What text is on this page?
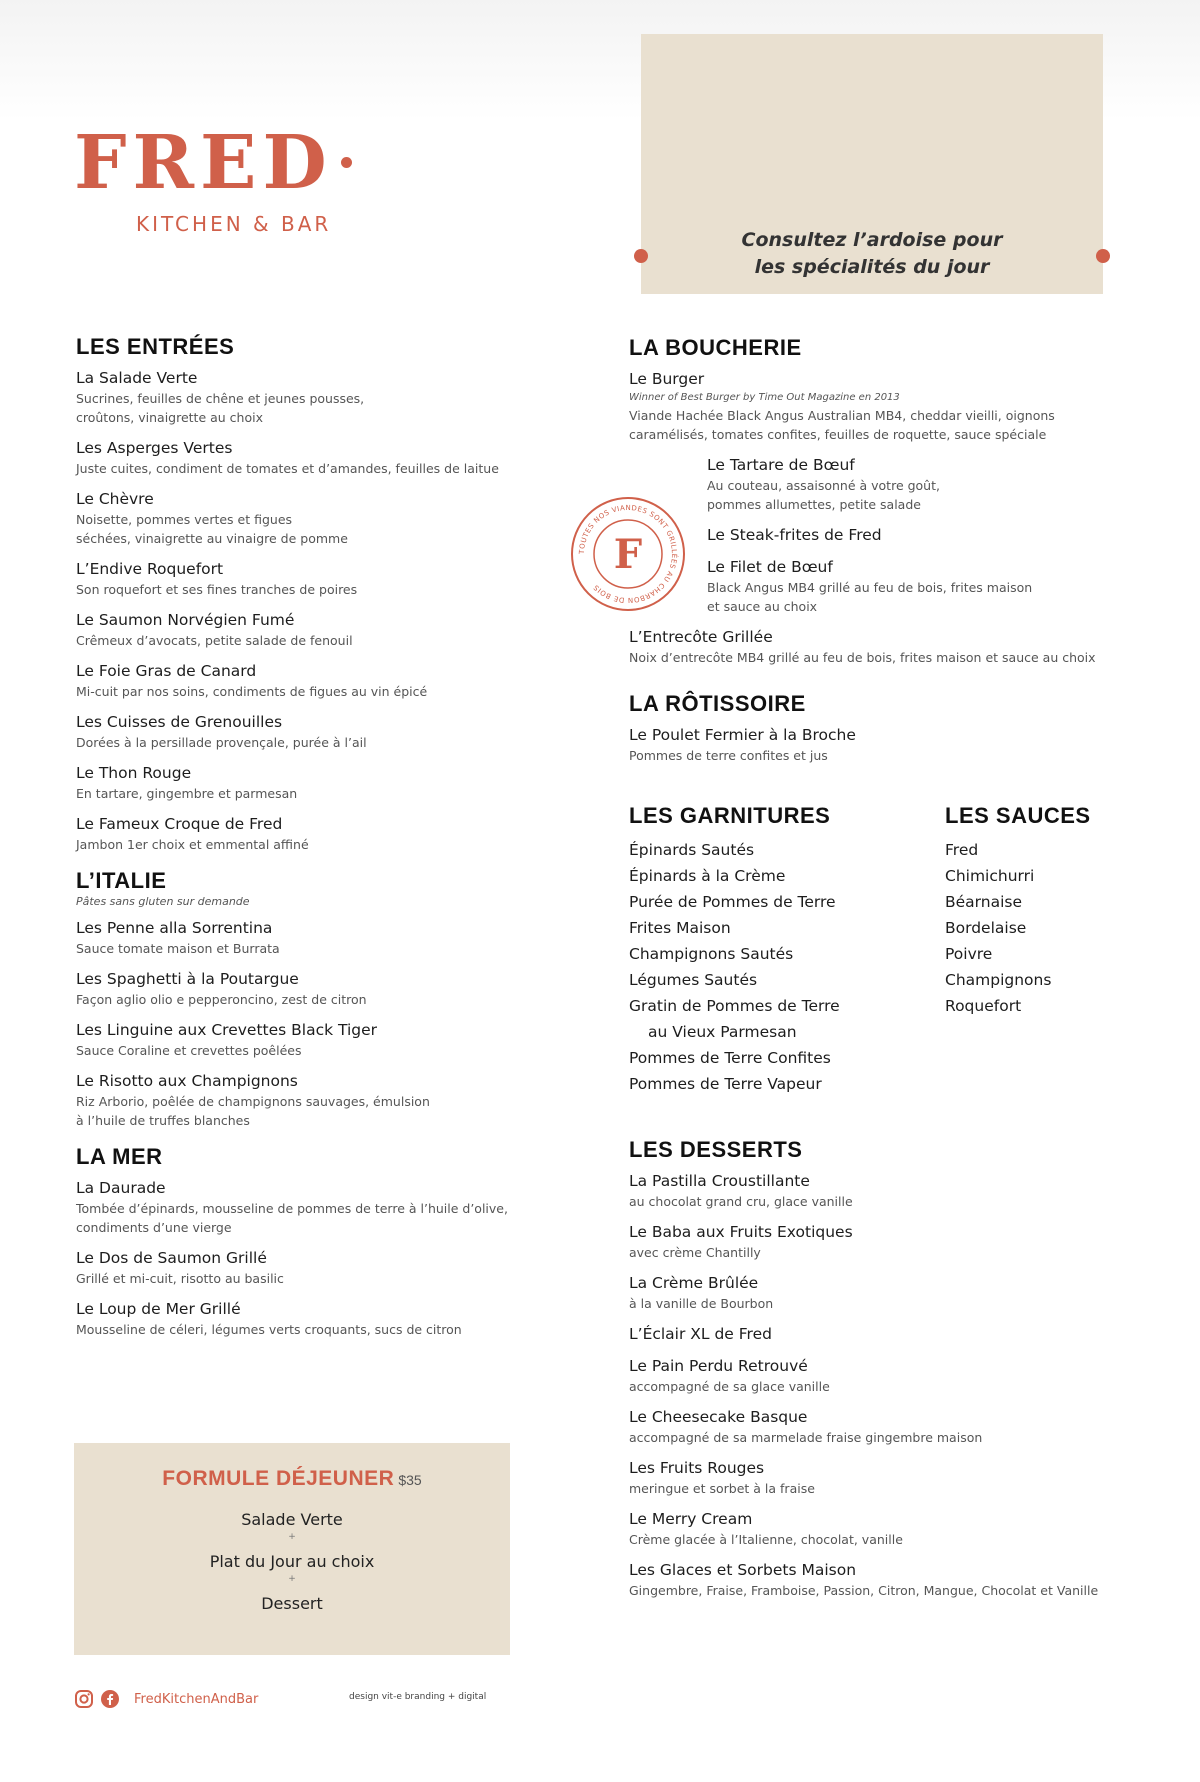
FRED
KITCHEN & BAR
Consultez l’ardoise pour
les spécialités du jour
LES ENTRÉES
La Salade Verte
Sucrines, feuilles de chêne et jeunes pousses,
croûtons, vinaigrette au choix
Les Asperges Vertes
Juste cuites, condiment de tomates et d’amandes, feuilles de laitue
Le Chèvre
Noisette, pommes vertes et figues
séchées, vinaigrette au vinaigre de pomme
L’Endive Roquefort
Son roquefort et ses fines tranches de poires
Le Saumon Norvégien Fumé
Crêmeux d’avocats, petite salade de fenouil
Le Foie Gras de Canard
Mi-cuit par nos soins, condiments de figues au vin épicé
Les Cuisses de Grenouilles
Dorées à la persillade provençale, purée à l’ail
Le Thon Rouge
En tartare, gingembre et parmesan
Le Fameux Croque de Fred
Jambon 1er choix et emmental affiné
L’ITALIE
Pâtes sans gluten sur demande
Les Penne alla Sorrentina
Sauce tomate maison et Burrata
Les Spaghetti à la Poutargue
Façon aglio olio e pepperoncino, zest de citron
Les Linguine aux Crevettes Black Tiger
Sauce Coraline et crevettes poêlées
Le Risotto aux Champignons
Riz Arborio, poêlée de champignons sauvages, émulsion
à l’huile de truffes blanches
LA MER
La Daurade
Tombée d’épinards, mousseline de pommes de terre à l’huile d’olive,
condiments d’une vierge
Le Dos de Saumon Grillé
Grillé et mi-cuit, risotto au basilic
Le Loup de Mer Grillé
Mousseline de céleri, légumes verts croquants, sucs de citron
FORMULE DÉJEUNER $35
Salade Verte
+
Plat du Jour au choix
+
Dessert
FredKitchenAndBar	design vit-e branding + digital
LA BOUCHERIE
Le Burger
Winner of Best Burger by Time Out Magazine en 2013
Viande Hachée Black Angus Australian MB4, cheddar vieilli, oignons
caramélisés, tomates confites, feuilles de roquette, sauce spéciale
Le Tartare de Bœuf
Au couteau, assaisonné à votre goût,
pommes allumettes, petite salade
Le Steak-frites de Fred
Le Filet de Bœuf
Black Angus MB4 grillé au feu de bois, frites maison
et sauce au choix
L’Entrecôte Grillée
Noix d’entrecôte MB4 grillé au feu de bois, frites maison et sauce au choix
LA RÔTISSOIRE
Le Poulet Fermier à la Broche
Pommes de terre confites et jus
LES GARNITURES
Épinards Sautés
Épinards à la Crème
Purée de Pommes de Terre
Frites Maison
Champignons Sautés
Légumes Sautés
Gratin de Pommes de Terre
au Vieux Parmesan
Pommes de Terre Confites
Pommes de Terre Vapeur
LES SAUCES
Fred
Chimichurri
Béarnaise
Bordelaise
Poivre
Champignons
Roquefort
LES DESSERTS
La Pastilla Croustillante
au chocolat grand cru, glace vanille
Le Baba aux Fruits Exotiques
avec crème Chantilly
La Crème Brûlée
à la vanille de Bourbon
L’Éclair XL de Fred
Le Pain Perdu Retrouvé
accompagné de sa glace vanille
Le Cheesecake Basque
accompagné de sa marmelade fraise gingembre maison
Les Fruits Rouges
meringue et sorbet à la fraise
Le Merry Cream
Crème glacée à l’Italienne, chocolat, vanille
Les Glaces et Sorbets Maison
Gingembre, Fraise, Framboise, Passion, Citron, Mangue, Chocolat et Vanille
TOUTES NOS VIANDES SONT GRILLÉES AU CHARBON DE BOIS
F
